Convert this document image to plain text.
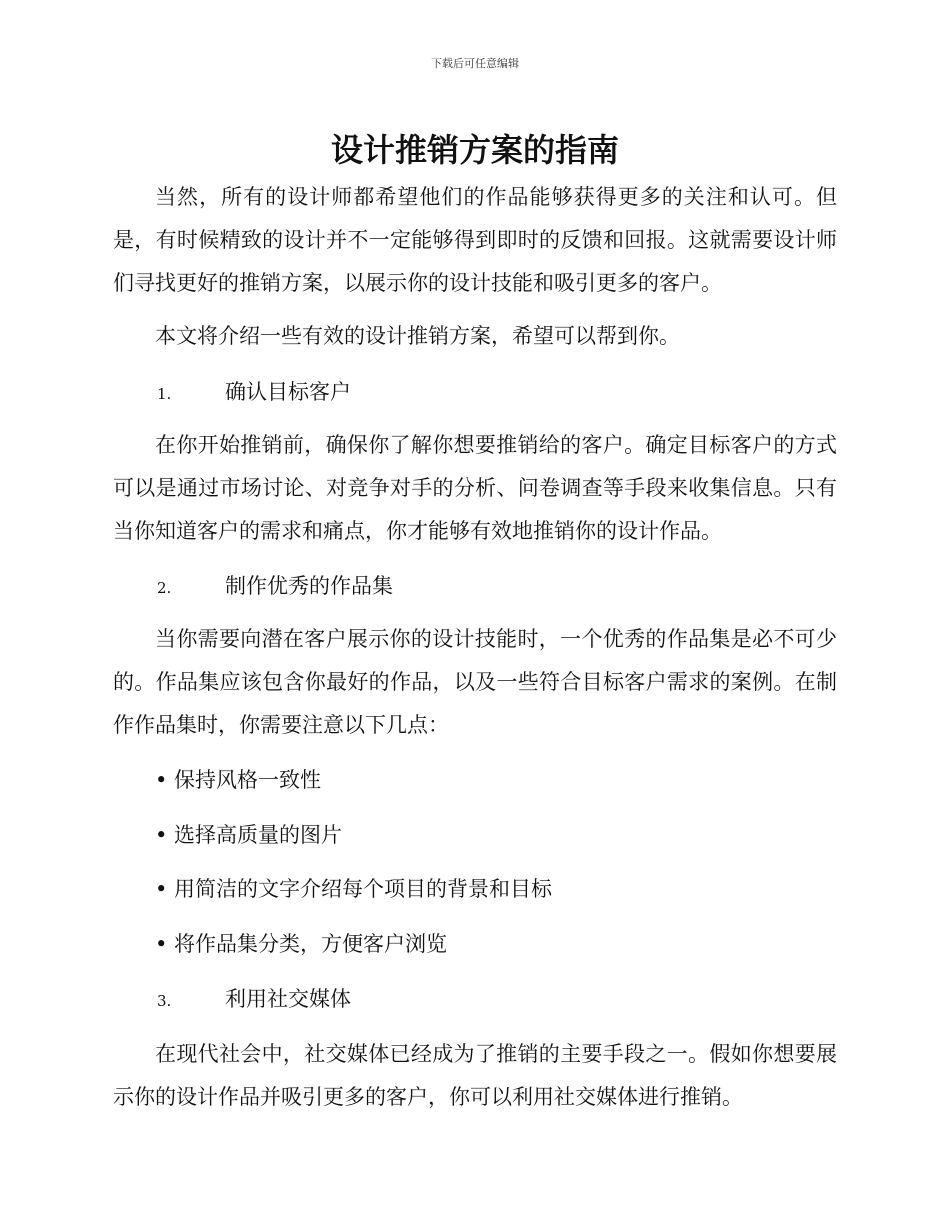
下载后可任意编辑
设计推销方案的指南

当然，所有的设计师都希望他们的作品能够获得更多的关注和认可。但是，有时候精致的设计并不一定能够得到即时的反馈和回报。这就需要设计师们寻找更好的推销方案，以展示你的设计技能和吸引更多的客户。

本文将介绍一些有效的设计推销方案，希望可以帮到你。

1.	确认目标客户

在你开始推销前，确保你了解你想要推销给的客户。确定目标客户的方式可以是通过市场讨论、对竞争对手的分析、问卷调查等手段来收集信息。只有当你知道客户的需求和痛点，你才能够有效地推销你的设计作品。

2.	制作优秀的作品集

当你需要向潜在客户展示你的设计技能时，一个优秀的作品集是必不可少的。作品集应该包含你最好的作品，以及一些符合目标客户需求的案例。在制作作品集时，你需要注意以下几点：

• 保持风格一致性

• 选择高质量的图片

• 用简洁的文字介绍每个项目的背景和目标

• 将作品集分类，方便客户浏览

3.	利用社交媒体

在现代社会中，社交媒体已经成为了推销的主要手段之一。假如你想要展示你的设计作品并吸引更多的客户，你可以利用社交媒体进行推销。
